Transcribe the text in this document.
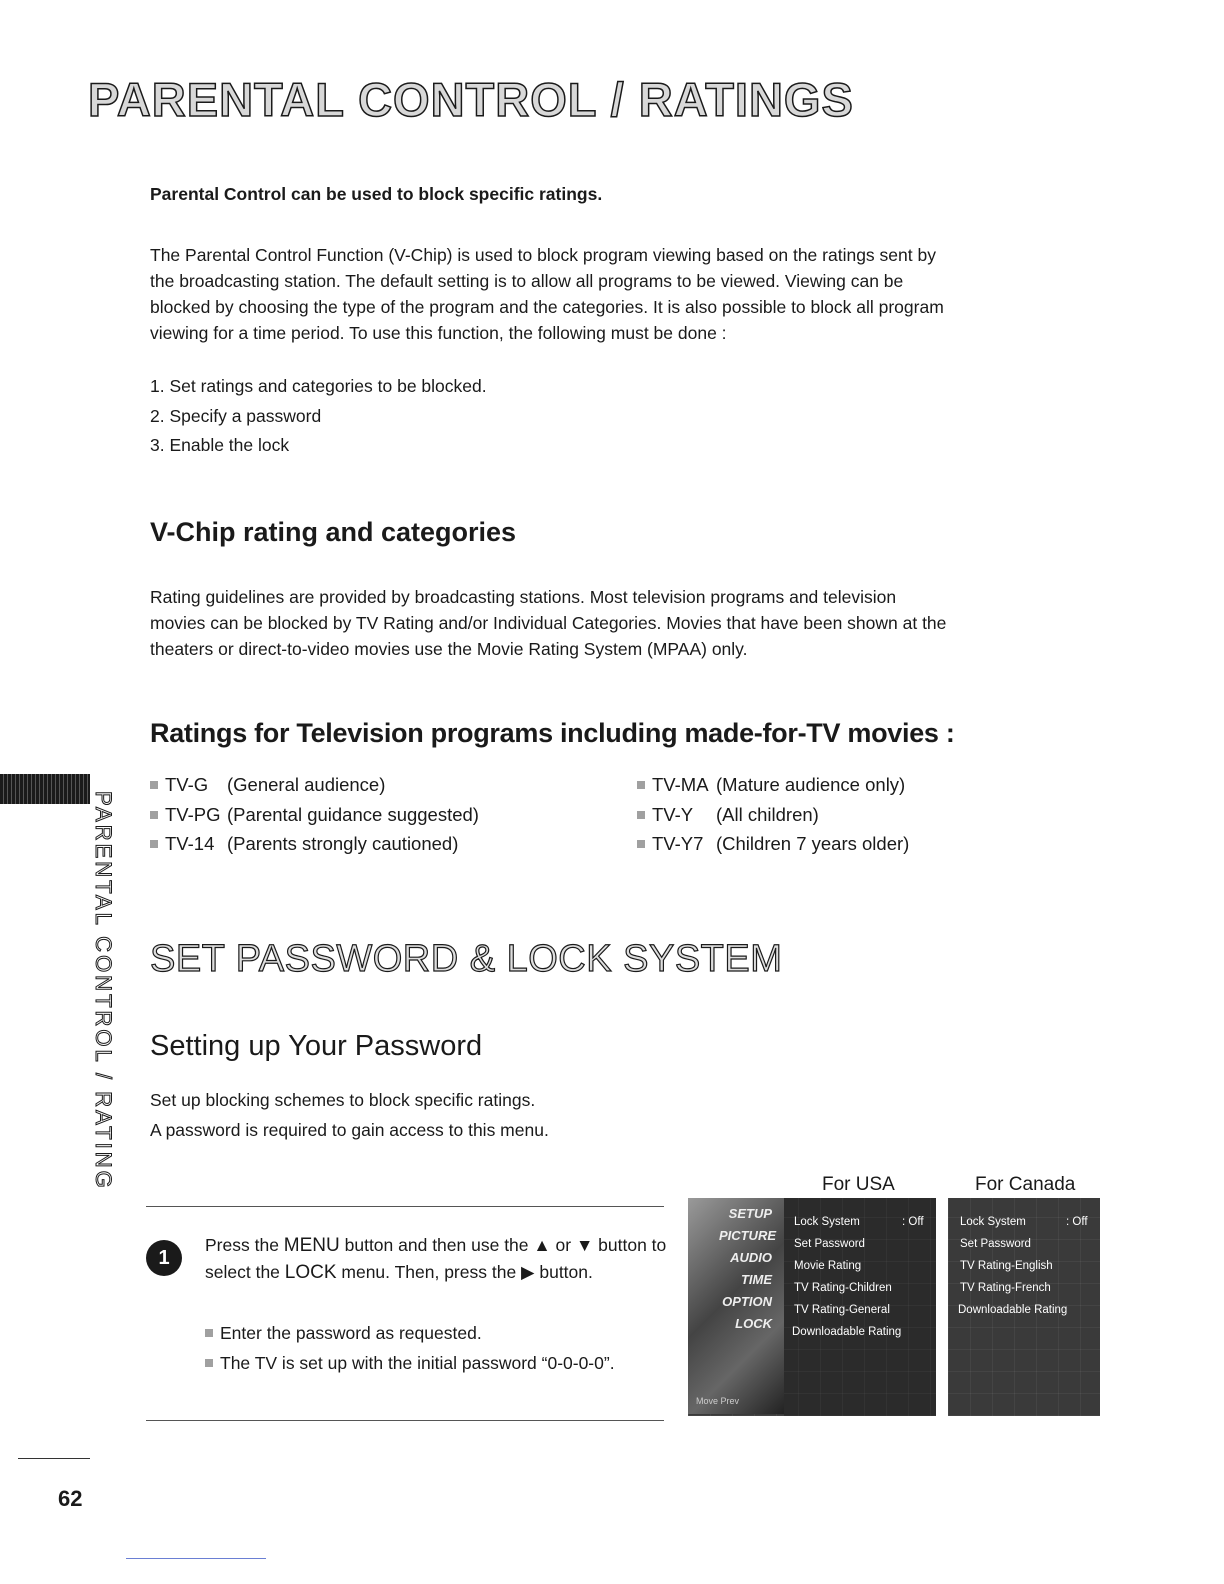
PARENTAL CONTROL / RATINGS
Parental Control can be used to block specific ratings.

The Parental Control Function (V-Chip) is used to block program viewing based on the ratings sent by the broadcasting station. The default setting is to allow all programs to be viewed. Viewing can be blocked by choosing the type of the program and the categories. It is also possible to block all program viewing for a time period. To use this function, the following must be done :

1. Set ratings and categories to be blocked.
2. Specify a password
3. Enable the lock
V-Chip rating and categories

Rating guidelines are provided by broadcasting stations. Most television programs and television movies can be blocked by TV Rating and/or Individual Categories. Movies that have been shown at the theaters or direct-to-video movies use the Movie Rating System (MPAA) only.

Ratings for Television programs including made-for-TV movies :
TV-G (General audience)
TV-PG (Parental guidance suggested)
TV-14 (Parents strongly cautioned)
TV-MA (Mature audience only)
TV-Y (All children)
TV-Y7 (Children 7 years older)
PARENTAL CONTROL / RATING SET PASSWORD & LOCK SYSTEM
Setting up Your Password
Set up blocking schemes to block specific ratings.
A password is required to gain access to this menu.
1

Press the MENU button and then use the ▲ or ▼ button to select the LOCK menu. Then, press the ▶ button.

Enter the password as requested.
The TV is set up with the initial password “0-0-0-0”.
For USA	For Canada
SETUP
PICTURE
AUDIO
TIME
OPTION
LOCK
Move Prev
Lock System	: Off
Set Password
Movie Rating
TV Rating-Children
TV Rating-General
Downloadable Rating
Lock System	: Off
Set Password
TV Rating-English
TV Rating-French
Downloadable Rating
62
